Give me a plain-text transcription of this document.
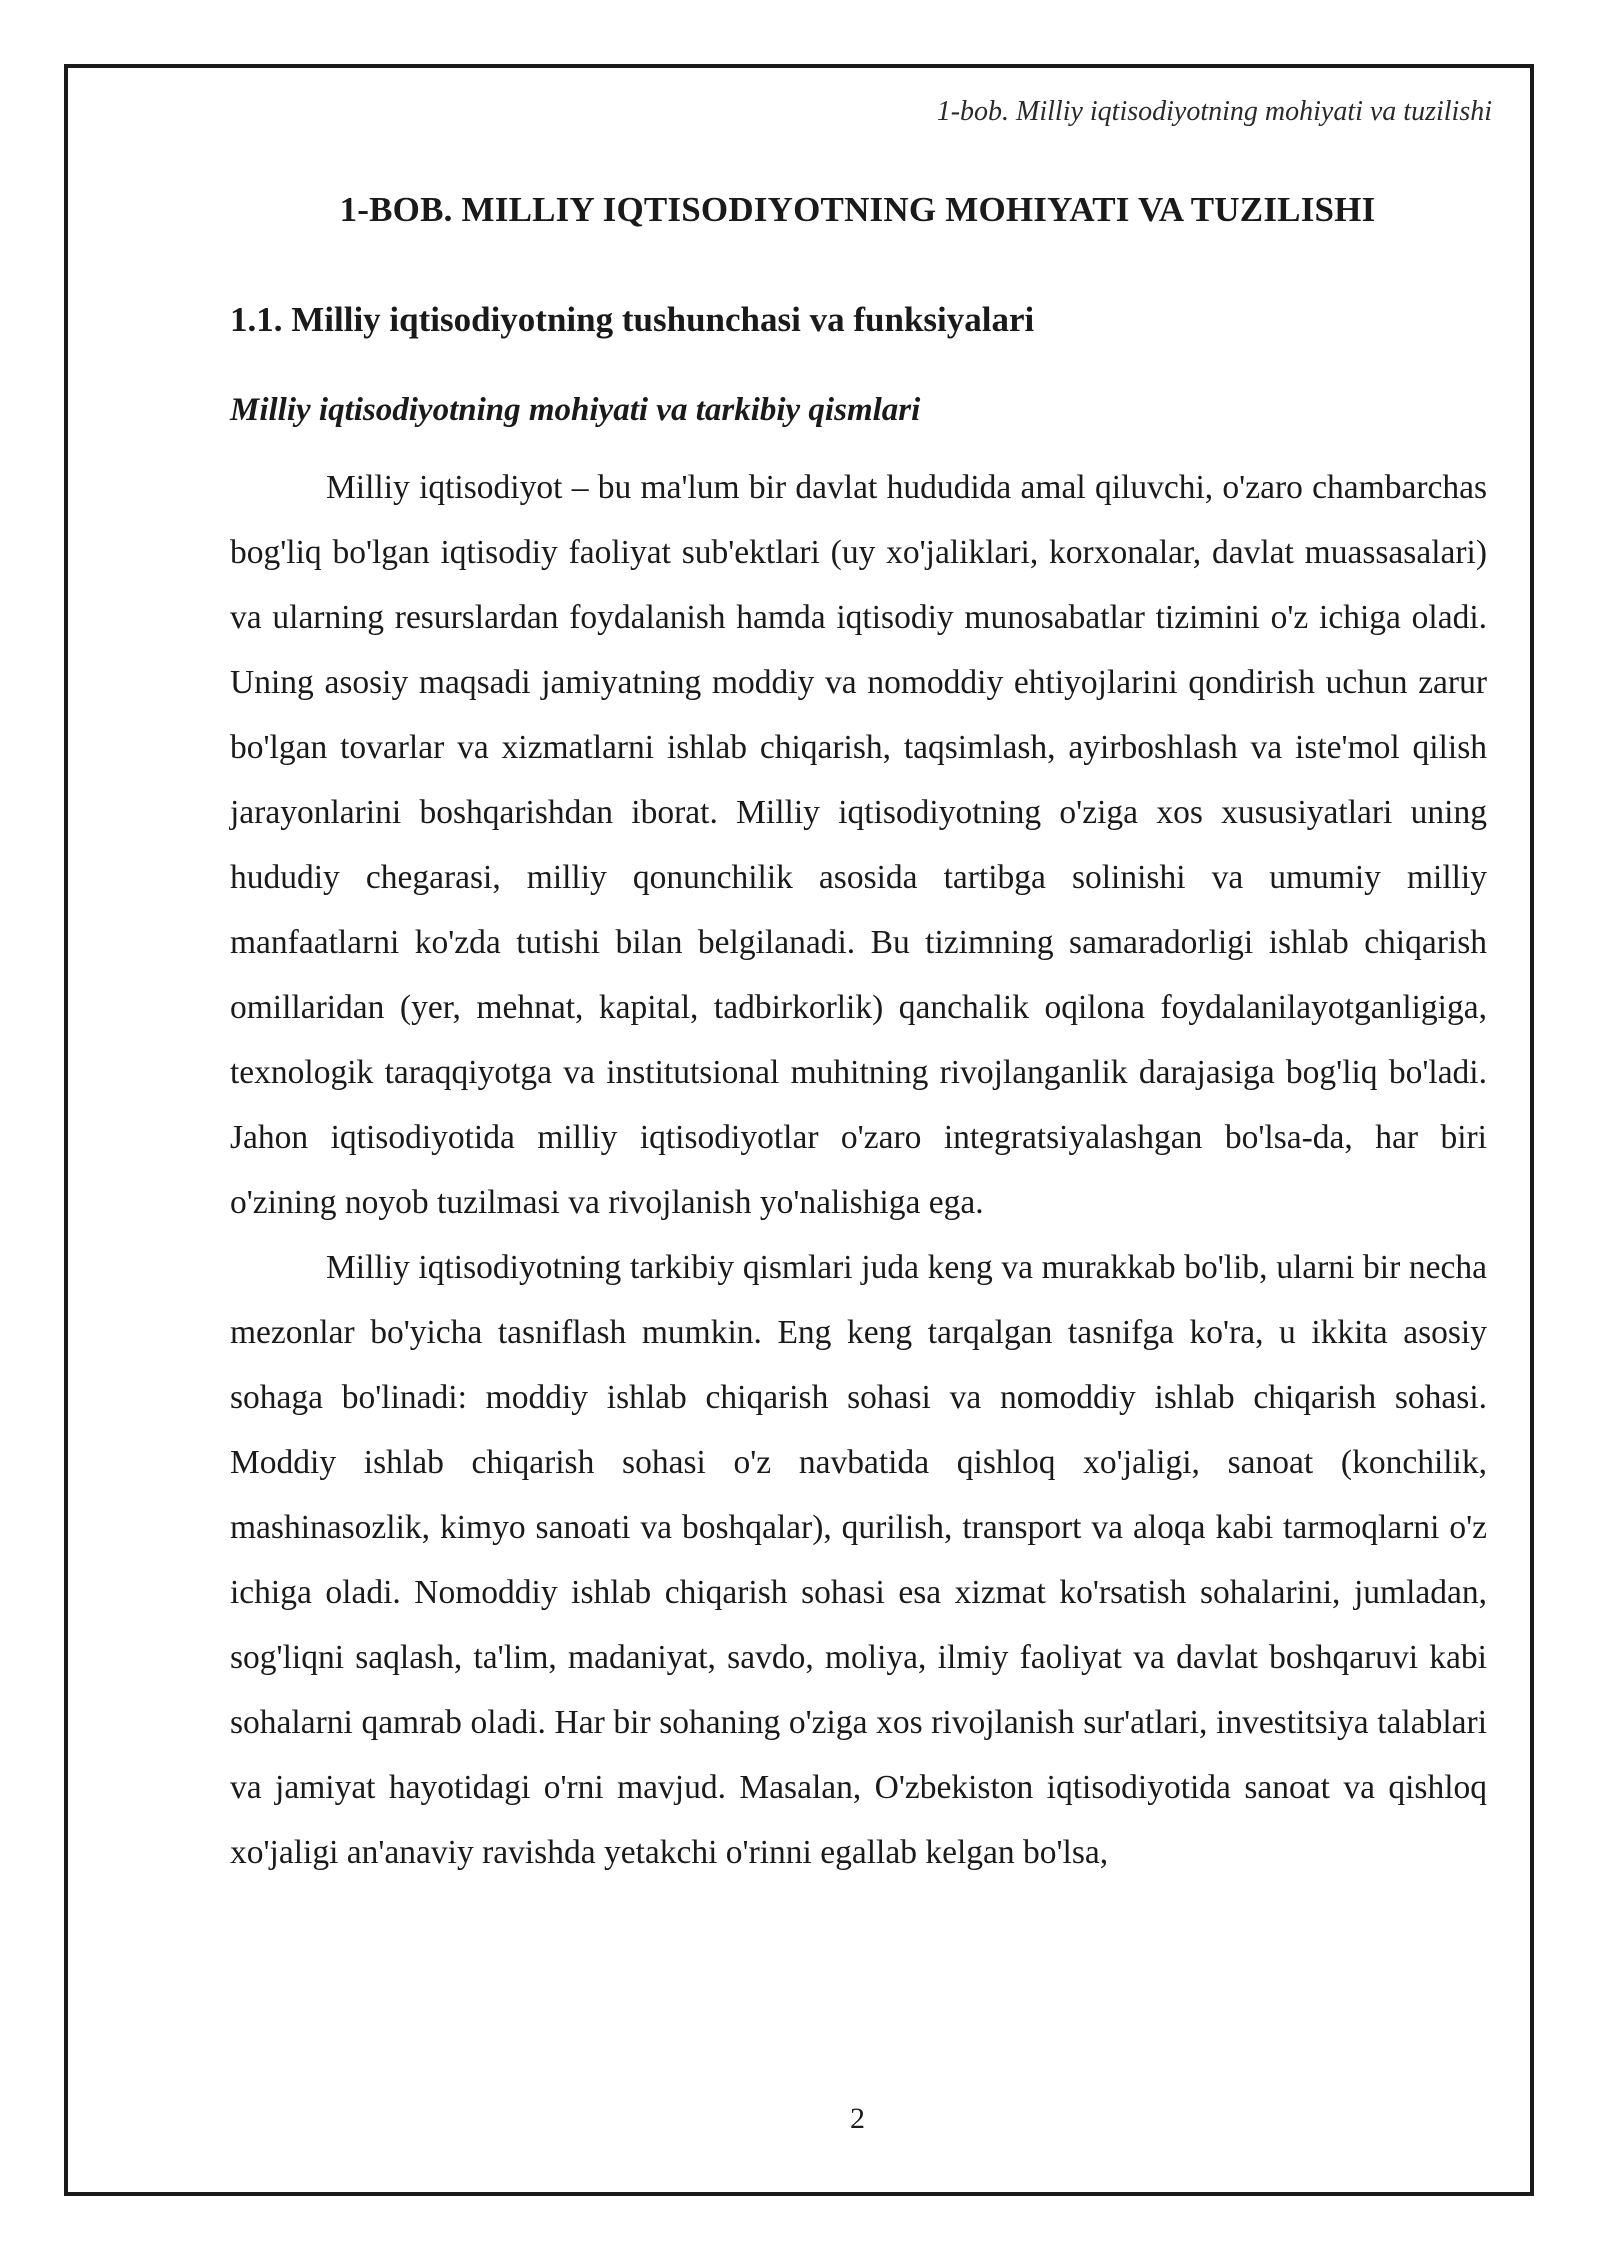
1-bob. Milliy iqtisodiyotning mohiyati va tuzilishi
1-BOB. MILLIY IQTISODIYOTNING MOHIYATI VA TUZILISHI
1.1. Milliy iqtisodiyotning tushunchasi va funksiyalari
Milliy iqtisodiyotning mohiyati va tarkibiy qismlari

Milliy iqtisodiyot – bu ma'lum bir davlat hududida amal qiluvchi, o'zaro chambarchas bog'liq bo'lgan iqtisodiy faoliyat sub'ektlari (uy xo'jaliklari, korxonalar, davlat muassasalari) va ularning resurslardan foydalanish hamda iqtisodiy munosabatlar tizimini o'z ichiga oladi. Uning asosiy maqsadi jamiyatning moddiy va nomoddiy ehtiyojlarini qondirish uchun zarur bo'lgan tovarlar va xizmatlarni ishlab chiqarish, taqsimlash, ayirboshlash va iste'mol qilish jarayonlarini boshqarishdan iborat. Milliy iqtisodiyotning o'ziga xos xususiyatlari uning hududiy chegarasi, milliy qonunchilik asosida tartibga solinishi va umumiy milliy manfaatlarni ko'zda tutishi bilan belgilanadi. Bu tizimning samaradorligi ishlab chiqarish omillaridan (yer, mehnat, kapital, tadbirkorlik) qanchalik oqilona foydalanilayotganligiga, texnologik taraqqiyotga va institutsional muhitning rivojlanganlik darajasiga bog'liq bo'ladi. Jahon iqtisodiyotida milliy iqtisodiyotlar o'zaro integratsiyalashgan bo'lsa-da, har biri o'zining noyob tuzilmasi va rivojlanish yo'nalishiga ega.

Milliy iqtisodiyotning tarkibiy qismlari juda keng va murakkab bo'lib, ularni bir necha mezonlar bo'yicha tasniflash mumkin. Eng keng tarqalgan tasnifga ko'ra, u ikkita asosiy sohaga bo'linadi: moddiy ishlab chiqarish sohasi va nomoddiy ishlab chiqarish sohasi. Moddiy ishlab chiqarish sohasi o'z navbatida qishloq xo'jaligi, sanoat (konchilik, mashinasozlik, kimyo sanoati va boshqalar), qurilish, transport va aloqa kabi tarmoqlarni o'z ichiga oladi. Nomoddiy ishlab chiqarish sohasi esa xizmat ko'rsatish sohalarini, jumladan, sog'liqni saqlash, ta'lim, madaniyat, savdo, moliya, ilmiy faoliyat va davlat boshqaruvi kabi sohalarni qamrab oladi. Har bir sohaning o'ziga xos rivojlanish sur'atlari, investitsiya talablari va jamiyat hayotidagi o'rni mavjud. Masalan, O'zbekiston iqtisodiyotida sanoat va qishloq xo'jaligi an'anaviy ravishda yetakchi o'rinni egallab kelgan bo'lsa,

2
